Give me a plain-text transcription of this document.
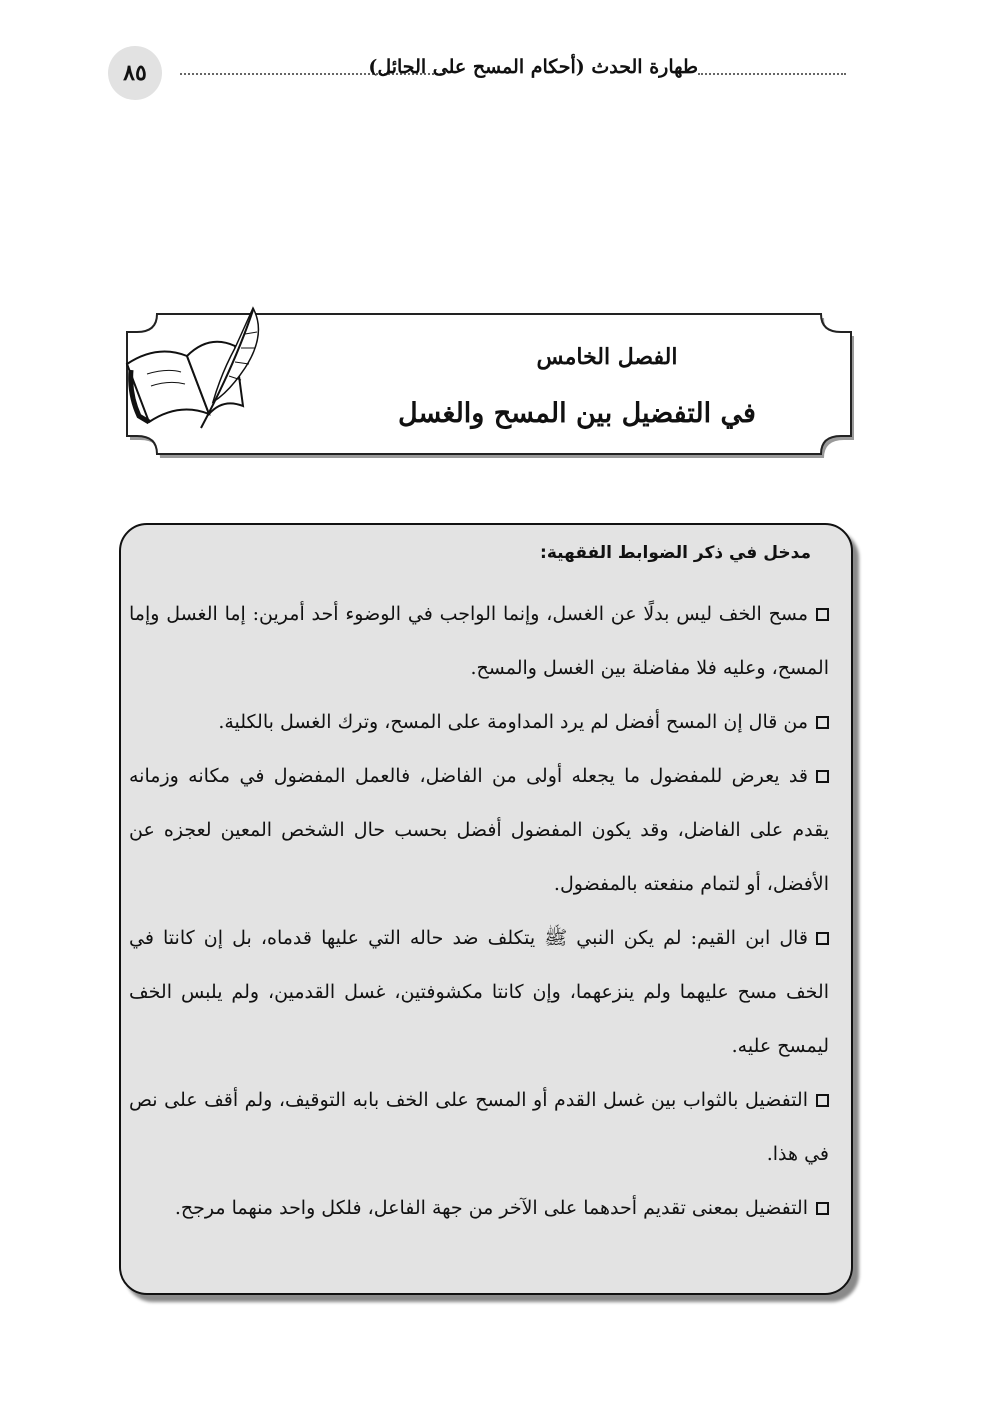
٨٥	طهارة الحدث (أحكام المسح على الحائل)
الفصل الخامس
في التفضيل بين المسح والغسل
مدخل في ذكر الضوابط الفقهية:
مسح الخف ليس بدلًا عن الغسل، وإنما الواجب في الوضوء أحد أمرين: إما الغسل وإما المسح، وعليه فلا مفاضلة بين الغسل والمسح.
من قال إن المسح أفضل لم يرد المداومة على المسح، وترك الغسل بالكلية.
قد يعرض للمفضول ما يجعله أولى من الفاضل، فالعمل المفضول في مكانه وزمانه يقدم على الفاضل، وقد يكون المفضول أفضل بحسب حال الشخص المعين لعجزه عن الأفضل، أو لتمام منفعته بالمفضول.
قال ابن القيم: لم يكن النبي ﷺ يتكلف ضد حاله التي عليها قدماه، بل إن كانتا في الخف مسح عليهما ولم ينزعهما، وإن كانتا مكشوفتين، غسل القدمين، ولم يلبس الخف ليمسح عليه.
التفضيل بالثواب بين غسل القدم أو المسح على الخف بابه التوقيف، ولم أقف على نص في هذا.
التفضيل بمعنى تقديم أحدهما على الآخر من جهة الفاعل، فلكل واحد منهما مرجح.
